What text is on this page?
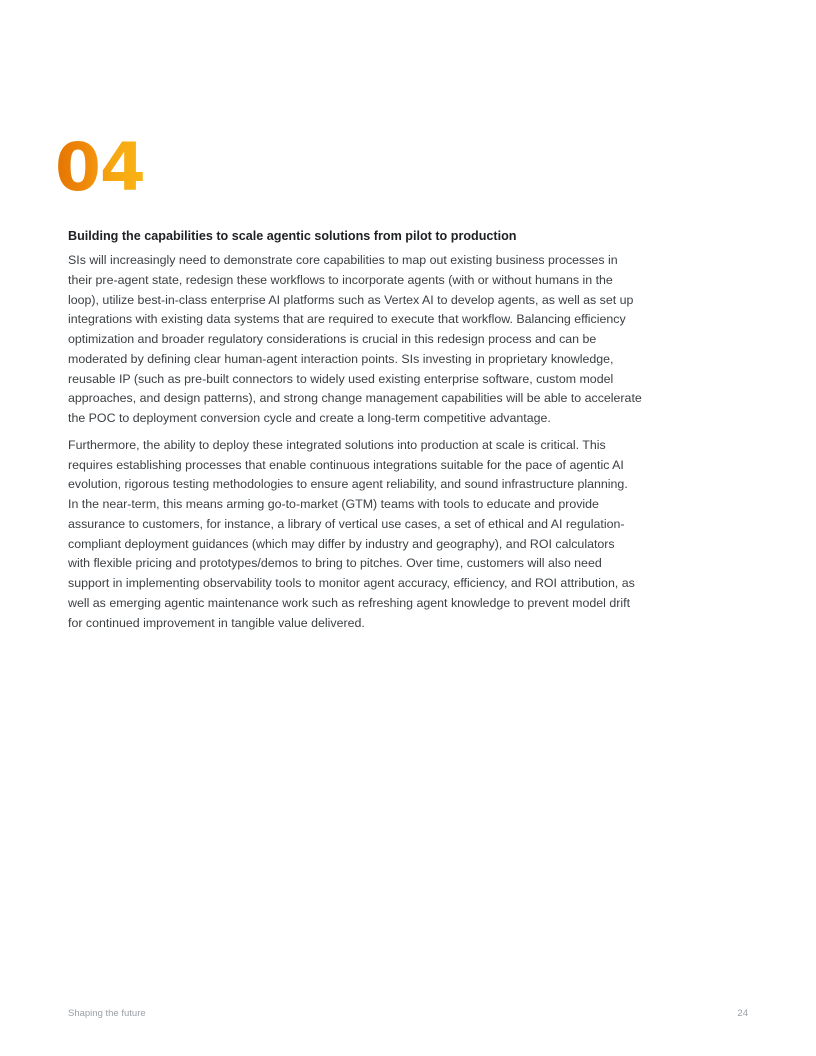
04
Building the capabilities to scale agentic solutions from pilot to production

SIs will increasingly need to demonstrate core capabilities to map out existing business processes in
their pre-agent state, redesign these workflows to incorporate agents (with or without humans in the
loop), utilize best-in-class enterprise AI platforms such as Vertex AI to develop agents, as well as set up
integrations with existing data systems that are required to execute that workflow. Balancing efficiency
optimization and broader regulatory considerations is crucial in this redesign process and can be
moderated by defining clear human-agent interaction points. SIs investing in proprietary knowledge,
reusable IP (such as pre-built connectors to widely used existing enterprise software, custom model
approaches, and design patterns), and strong change management capabilities will be able to accelerate
the POC to deployment conversion cycle and create a long-term competitive advantage.

Furthermore, the ability to deploy these integrated solutions into production at scale is critical. This
requires establishing processes that enable continuous integrations suitable for the pace of agentic AI
evolution, rigorous testing methodologies to ensure agent reliability, and sound infrastructure planning.
In the near-term, this means arming go-to-market (GTM) teams with tools to educate and provide
assurance to customers, for instance, a library of vertical use cases, a set of ethical and AI regulation-
compliant deployment guidances (which may differ by industry and geography), and ROI calculators
with flexible pricing and prototypes/demos to bring to pitches. Over time, customers will also need
support in implementing observability tools to monitor agent accuracy, efficiency, and ROI attribution, as
well as emerging agentic maintenance work such as refreshing agent knowledge to prevent model drift
for continued improvement in tangible value delivered.

Shaping the future	24
